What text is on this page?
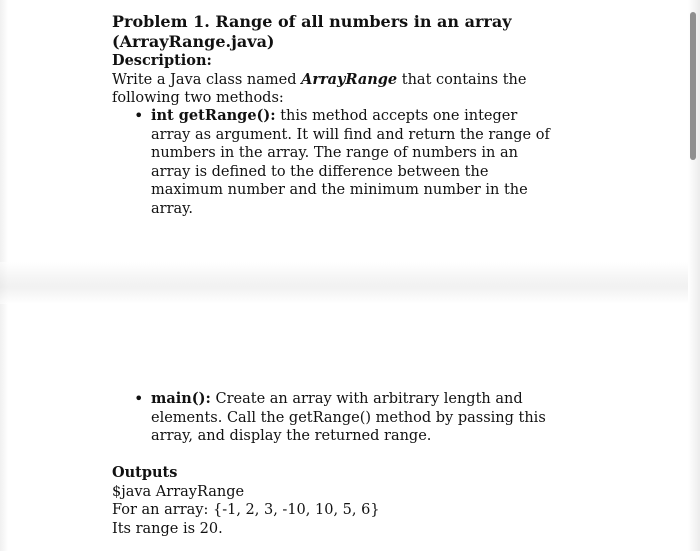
Problem 1. Range of all numbers in an array
(ArrayRange.java)
Description:
Write a Java class named ArrayRange that contains the following two methods:
• int getRange(): this method accepts one integer array as argument. It will find and return the range of numbers in the array. The range of numbers in an array is defined to the difference between the maximum number and the minimum number in the array.
• main(): Create an array with arbitrary length and elements. Call the getRange() method by passing this array, and display the returned range.
Outputs
$java ArrayRange
For an array: {-1, 2, 3, -10, 10, 5, 6}
Its range is 20.
